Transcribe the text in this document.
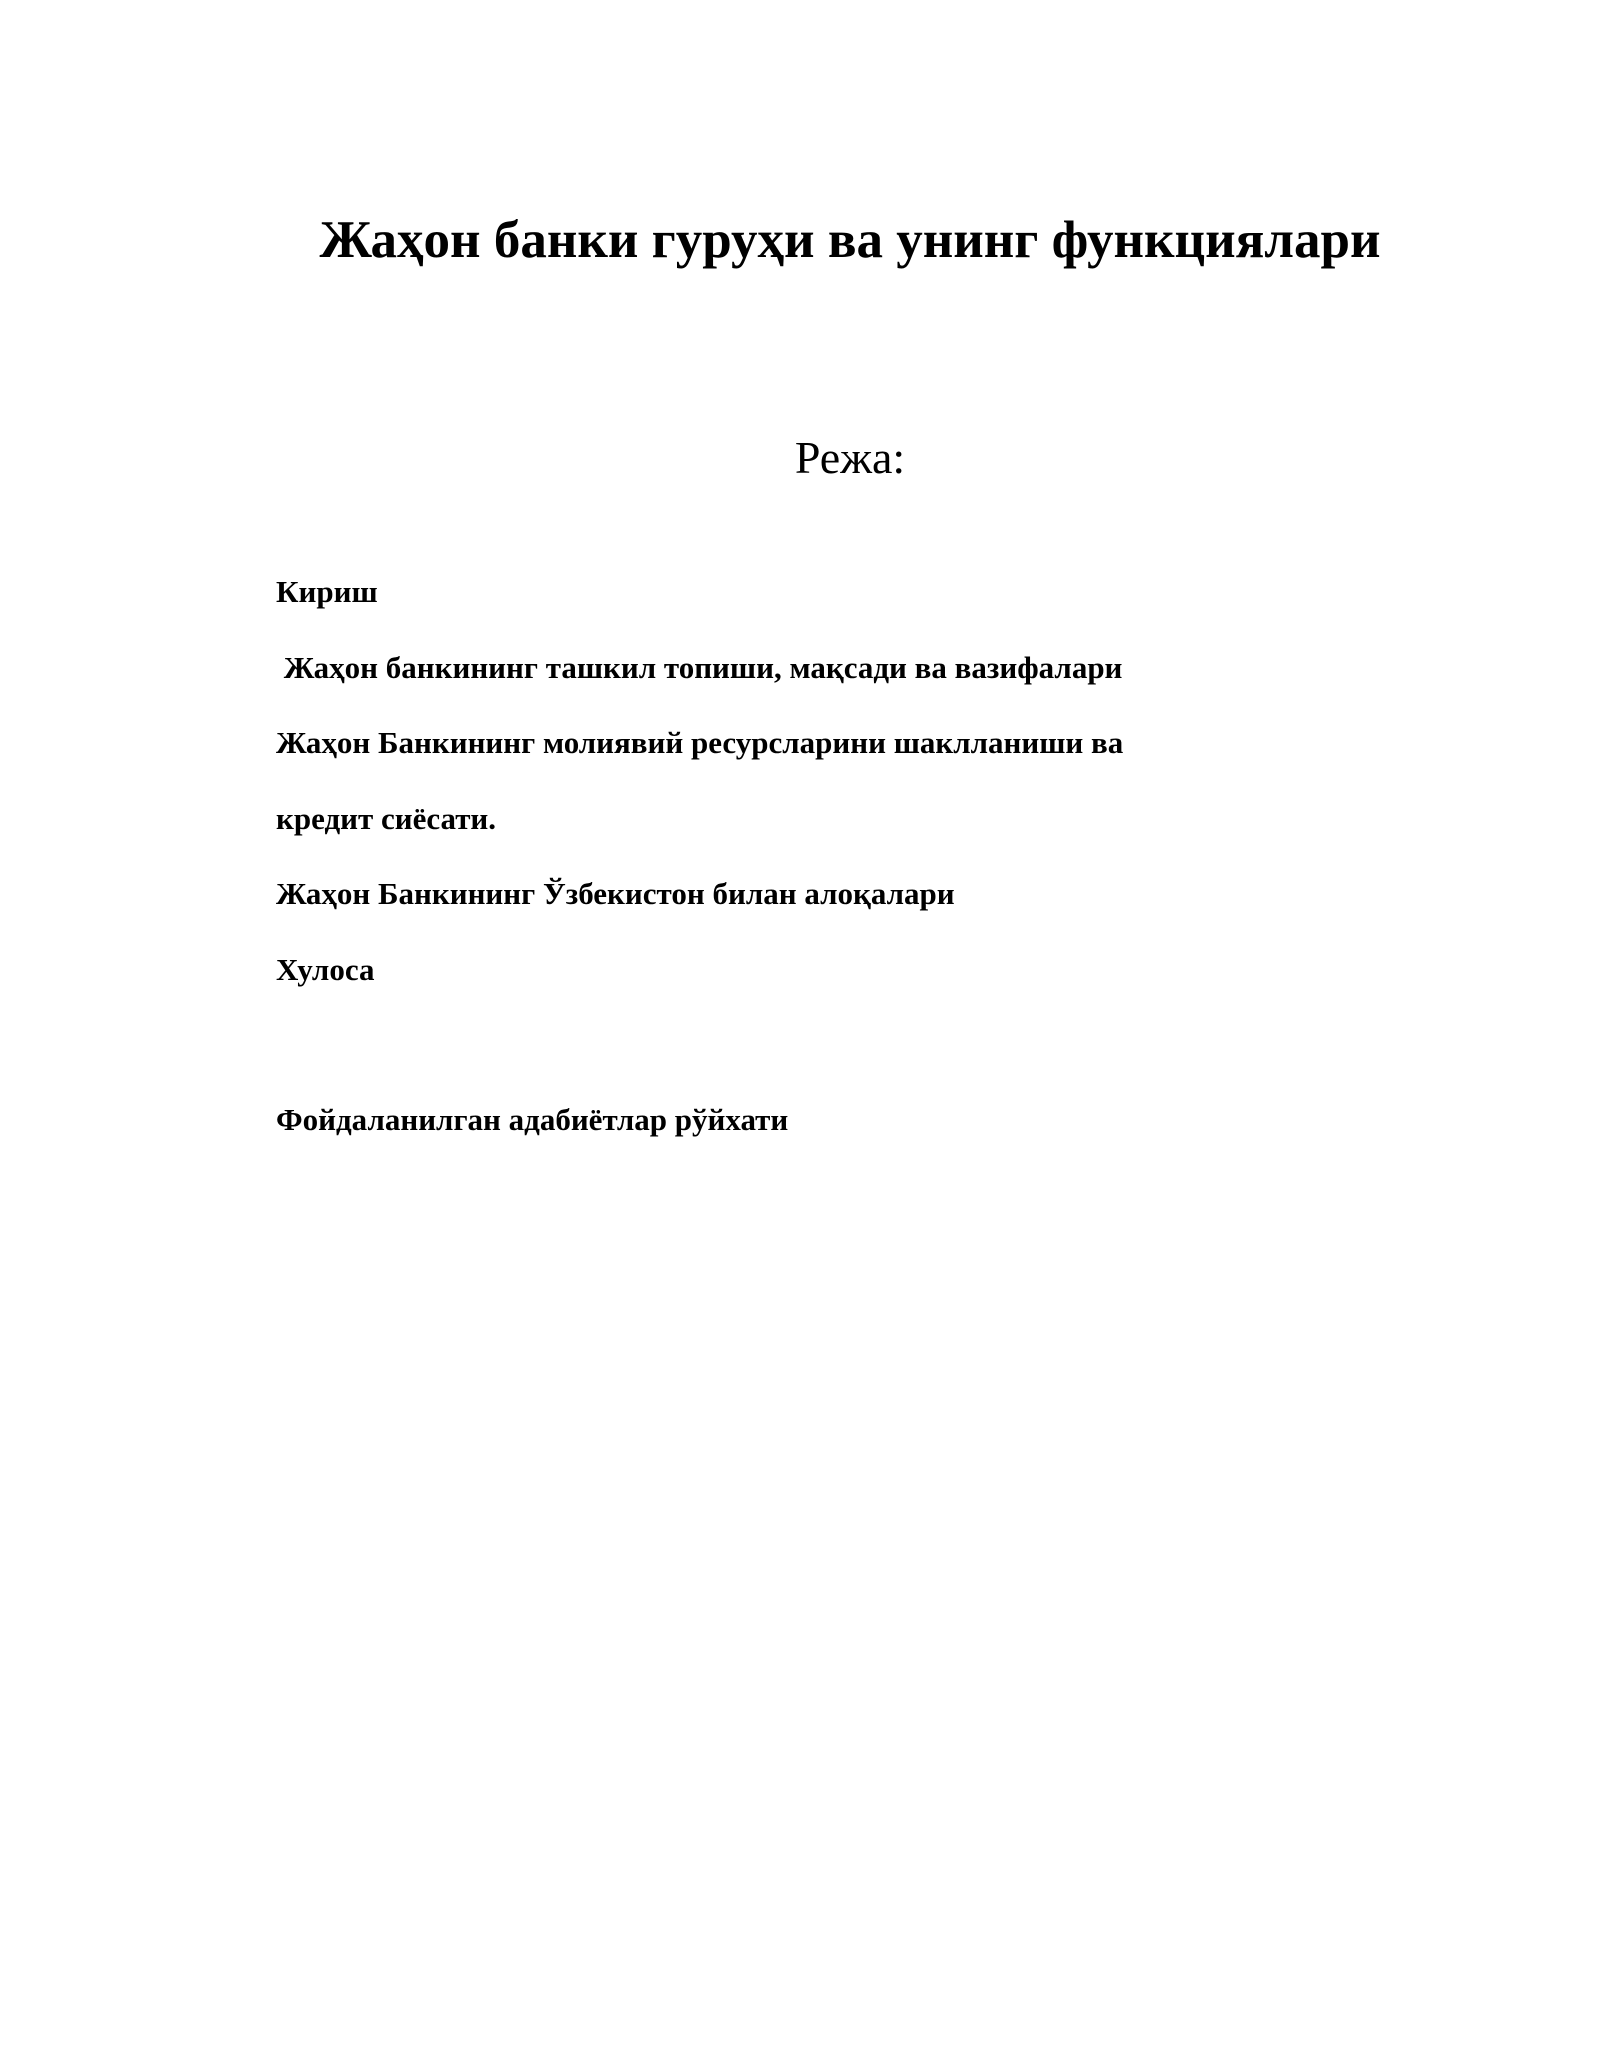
Жаҳон банки гуруҳи ва унинг функциялари
Режа:
Кириш
Жаҳон банкининг ташкил топиши, мақсади ва вазифалари
Жаҳон Банкининг молиявий ресурсларини шаклланиши ва
кредит сиёсати.
Жаҳон Банкининг Ўзбекистон билан алоқалари
Хулоса
Фойдаланилган адабиётлар рўйхати
